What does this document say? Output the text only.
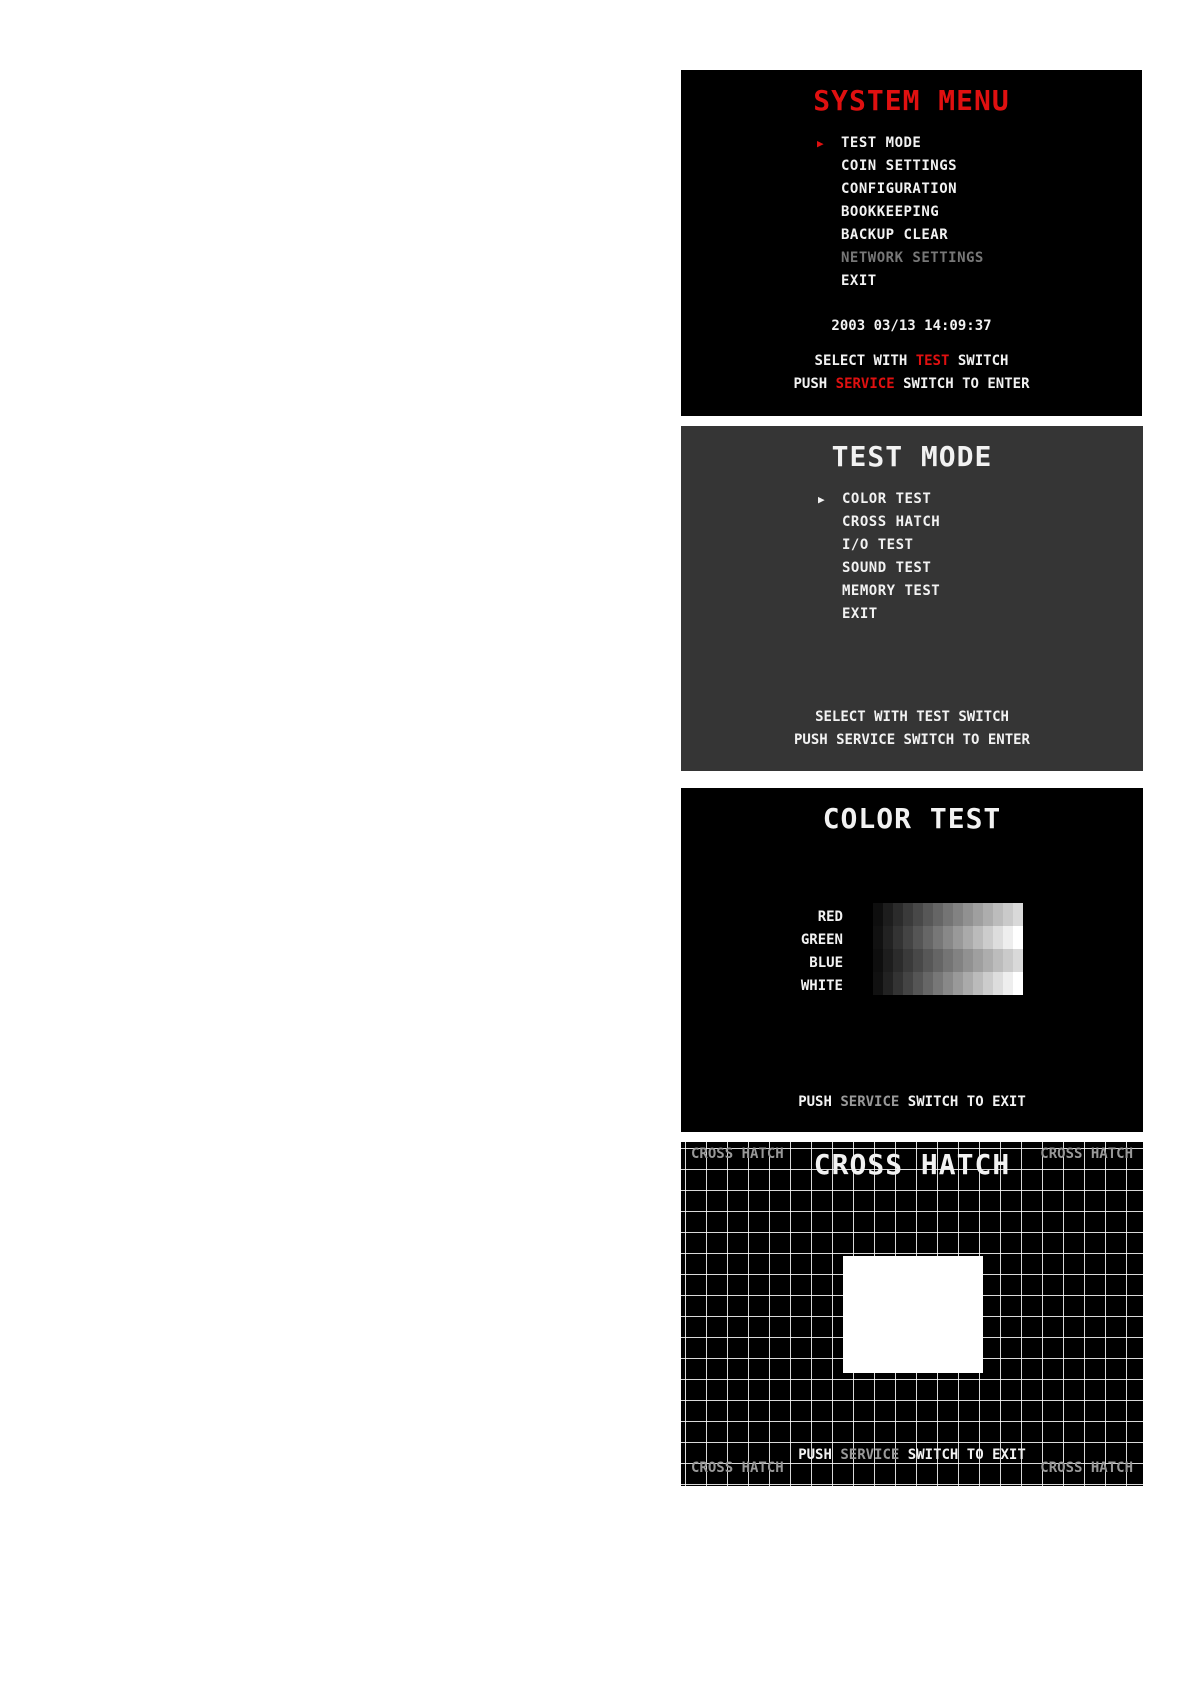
SYSTEM MENU
▶ TEST MODE
COIN SETTINGS
CONFIGURATION
BOOKKEEPING
BACKUP CLEAR
NETWORK SETTINGS
EXIT
2003 03/13 14:09:37
SELECT WITH TEST SWITCH
PUSH SERVICE SWITCH TO ENTER
TEST MODE
▶ COLOR TEST
CROSS HATCH
I/O TEST
SOUND TEST
MEMORY TEST
EXIT
SELECT WITH TEST SWITCH
PUSH SERVICE SWITCH TO ENTER
COLOR TEST
RED
GREEN
BLUE
WHITE
PUSH SERVICE SWITCH TO EXIT
CROSS HATCH	CROSS HATCH
CROSS HATCH
PUSH SERVICE SWITCH TO EXIT
CROSS HATCH	CROSS HATCH
